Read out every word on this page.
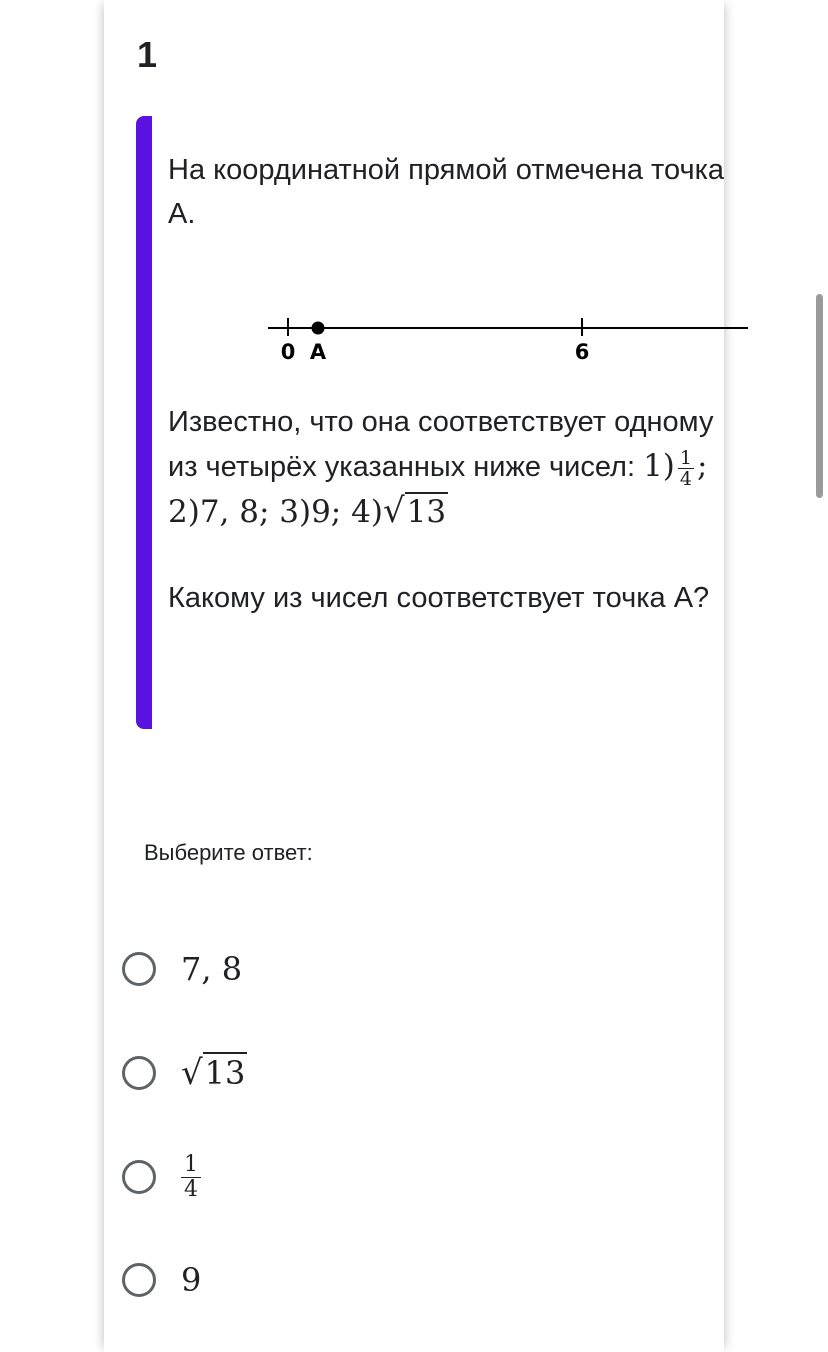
1
На координатной прямой отмечена точка A.
0 A	6
Известно, что она соответствует одному из четырёх указанных ниже чисел: $1) \frac{1}{4}$ ; 2)7, 8; 3)9; 4)√13
Какому из чисел соответствует точка A?
Выберите ответ:
7, 8
√13
$\frac{1}{4}$
9
